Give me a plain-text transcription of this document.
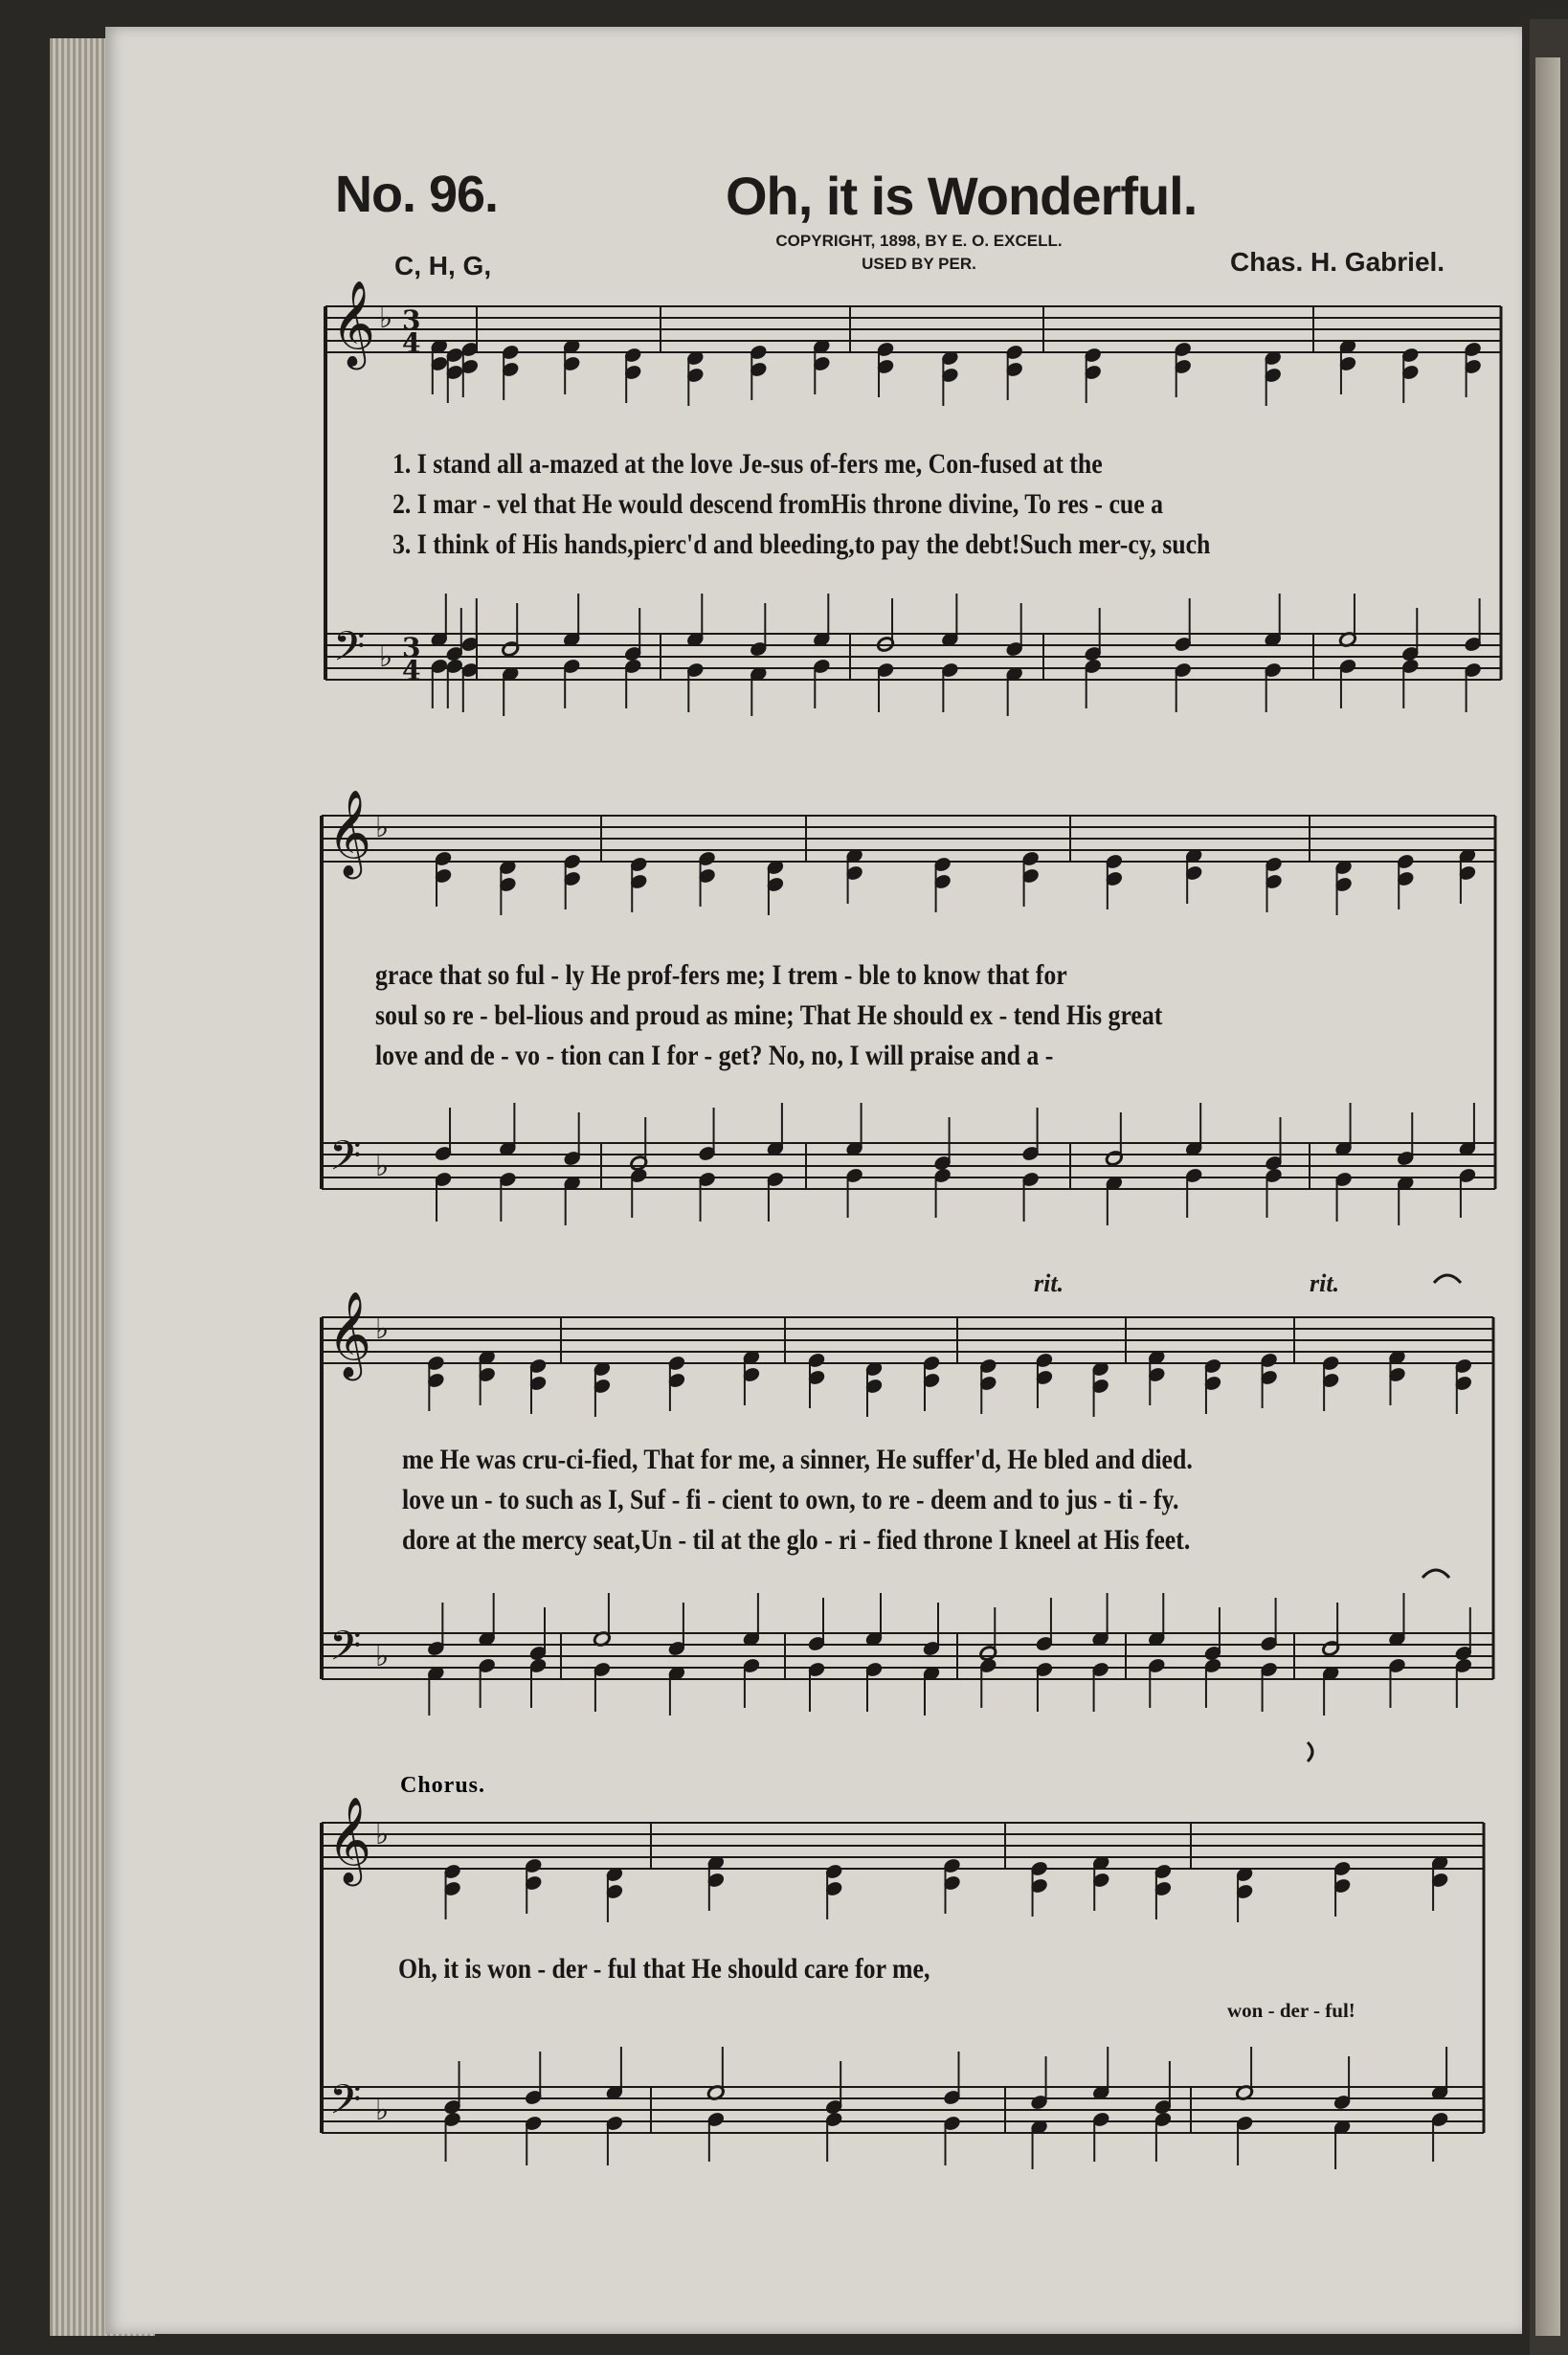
No. 96.	Oh, it is Wonderful.
C, H, G,
COPYRIGHT, 1898, BY E. O. EXCELL.
USED BY PER.	Chas. H. Gabriel.
𝄞
𝄢
♭
♭
3
4
3
4
𝄞
𝄢
♭
♭
𝄞
𝄢
♭
♭
𝄞
𝄢
♭
♭
1. I stand all a-mazed at the love Je-sus of-fers me, Con-fused at the
2. I mar - vel that He would descend fromHis throne divine, To res - cue a
3. I think of His hands,pierc'd and bleeding,to pay the debt!Such mer-cy, such
grace that so ful - ly He prof-fers me; I trem - ble to know that for
soul so re - bel-lious and proud as mine; That He should ex - tend His great
love and de - vo - tion can I for - get? No, no, I will praise and a -
rit.	rit.
me He was cru-ci-fied, That for me, a sinner, He suffer'd, He bled and died.
love un - to such as I, Suf - fi - cient to own, to re - deem and to jus - ti - fy.
dore at the mercy seat,Un - til at the glo - ri - fied throne I kneel at His feet.
Chorus.
Oh, it is won - der - ful that He should care for me,
won - der - ful!
